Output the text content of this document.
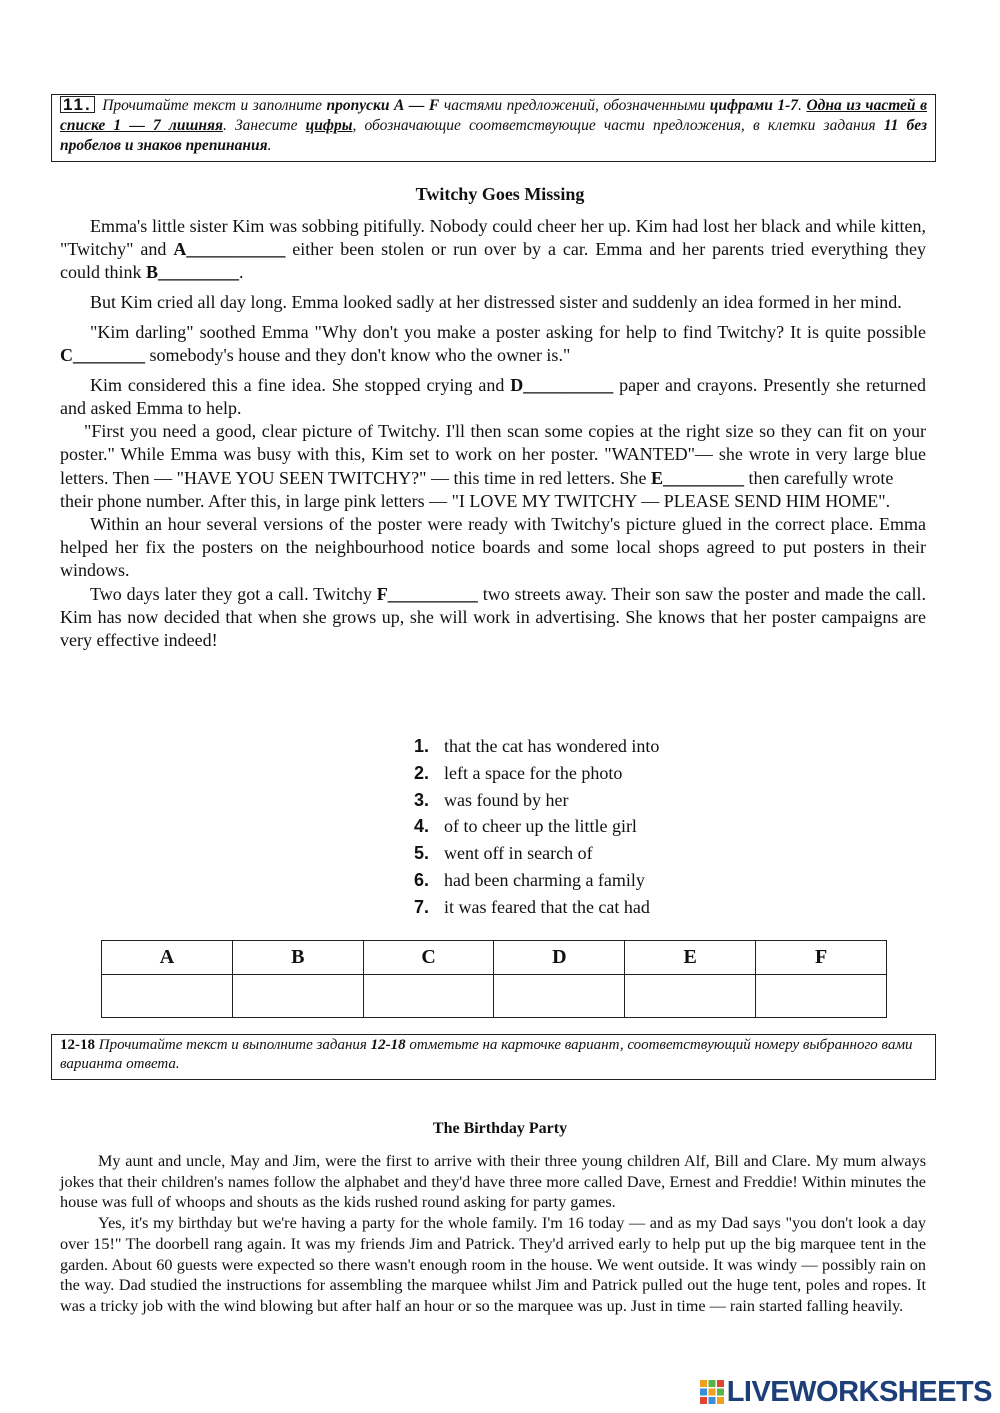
11. Прочитайте текст и заполните пропуски А — F частями предложений, обозначенными цифрами 1-7. Одна из частей в списке 1 — 7 лишняя. Занесите цифры, обозначающие соответствующие части предложения, в клетки задания 11 без пробелов и знаков препинания.
Twitchy Goes Missing

Emma's little sister Kim was sobbing pitifully. Nobody could cheer her up. Kim had lost her black and while kitten, "Twitchy" and A___________ either been stolen or run over by a car. Emma and her parents tried everything they could think B_________.

But Kim cried all day long. Emma looked sadly at her distressed sister and suddenly an idea formed in her mind.

"Kim darling" soothed Emma "Why don't you make a poster asking for help to find Twitchy? It is quite possible C________ somebody's house and they don't know who the owner is."

Kim considered this a fine idea. She stopped crying and D__________ paper and crayons. Presently she returned and asked Emma to help.

"First you need a good, clear picture of Twitchy. I'll then scan some copies at the right size so they can fit on your poster." While Emma was busy with this, Kim set to work on her poster. "WANTED"— she wrote in very large blue letters. Then — "HAVE YOU SEEN TWITCHY?" — this time in red letters. She E_________ then carefully wrote

their phone number. After this, in large pink letters — "I LOVE MY TWITCHY — PLEASE SEND HIM HOME".

Within an hour several versions of the poster were ready with Twitchy's picture glued in the correct place. Emma helped her fix the posters on the neighbourhood notice boards and some local shops agreed to put posters in their windows.

Two days later they got a call. Twitchy F__________ two streets away. Their son saw the poster and made the call. Kim has now decided that when she grows up, she will work in advertising. She knows that her poster campaigns are very effective indeed!

1. that the cat has wondered into
2. left a space for the photo
3. was found by her
4. of to cheer up the little girl
5. went off in search of
6. had been charming a family
7. it was feared that the cat had
A	B	C	D	E	F

12-18 Прочитайте текст и выполните задания 12-18 отметьте на карточке вариант, соответствующий номеру выбранного вами варианта ответа.
The Birthday Party

My aunt and uncle, May and Jim, were the first to arrive with their three young children Alf, Bill and Clare. My mum always jokes that their children's names follow the alphabet and they'd have three more called Dave, Ernest and Freddie! Within minutes the house was full of whoops and shouts as the kids rushed round asking for party games.

Yes, it's my birthday but we're having a party for the whole family. I'm 16 today — and as my Dad says "you don't look a day over 15!" The doorbell rang again. It was my friends Jim and Patrick. They'd arrived early to help put up the big marquee tent in the garden. About 60 guests were expected so there wasn't enough room in the house. We went outside. It was windy — possibly rain on the way. Dad studied the instructions for assembling the marquee whilst Jim and Patrick pulled out the huge tent, poles and ropes. It was a tricky job with the wind blowing but after half an hour or so the marquee was up. Just in time — rain started falling heavily.

LIVEWORKSHEETS
